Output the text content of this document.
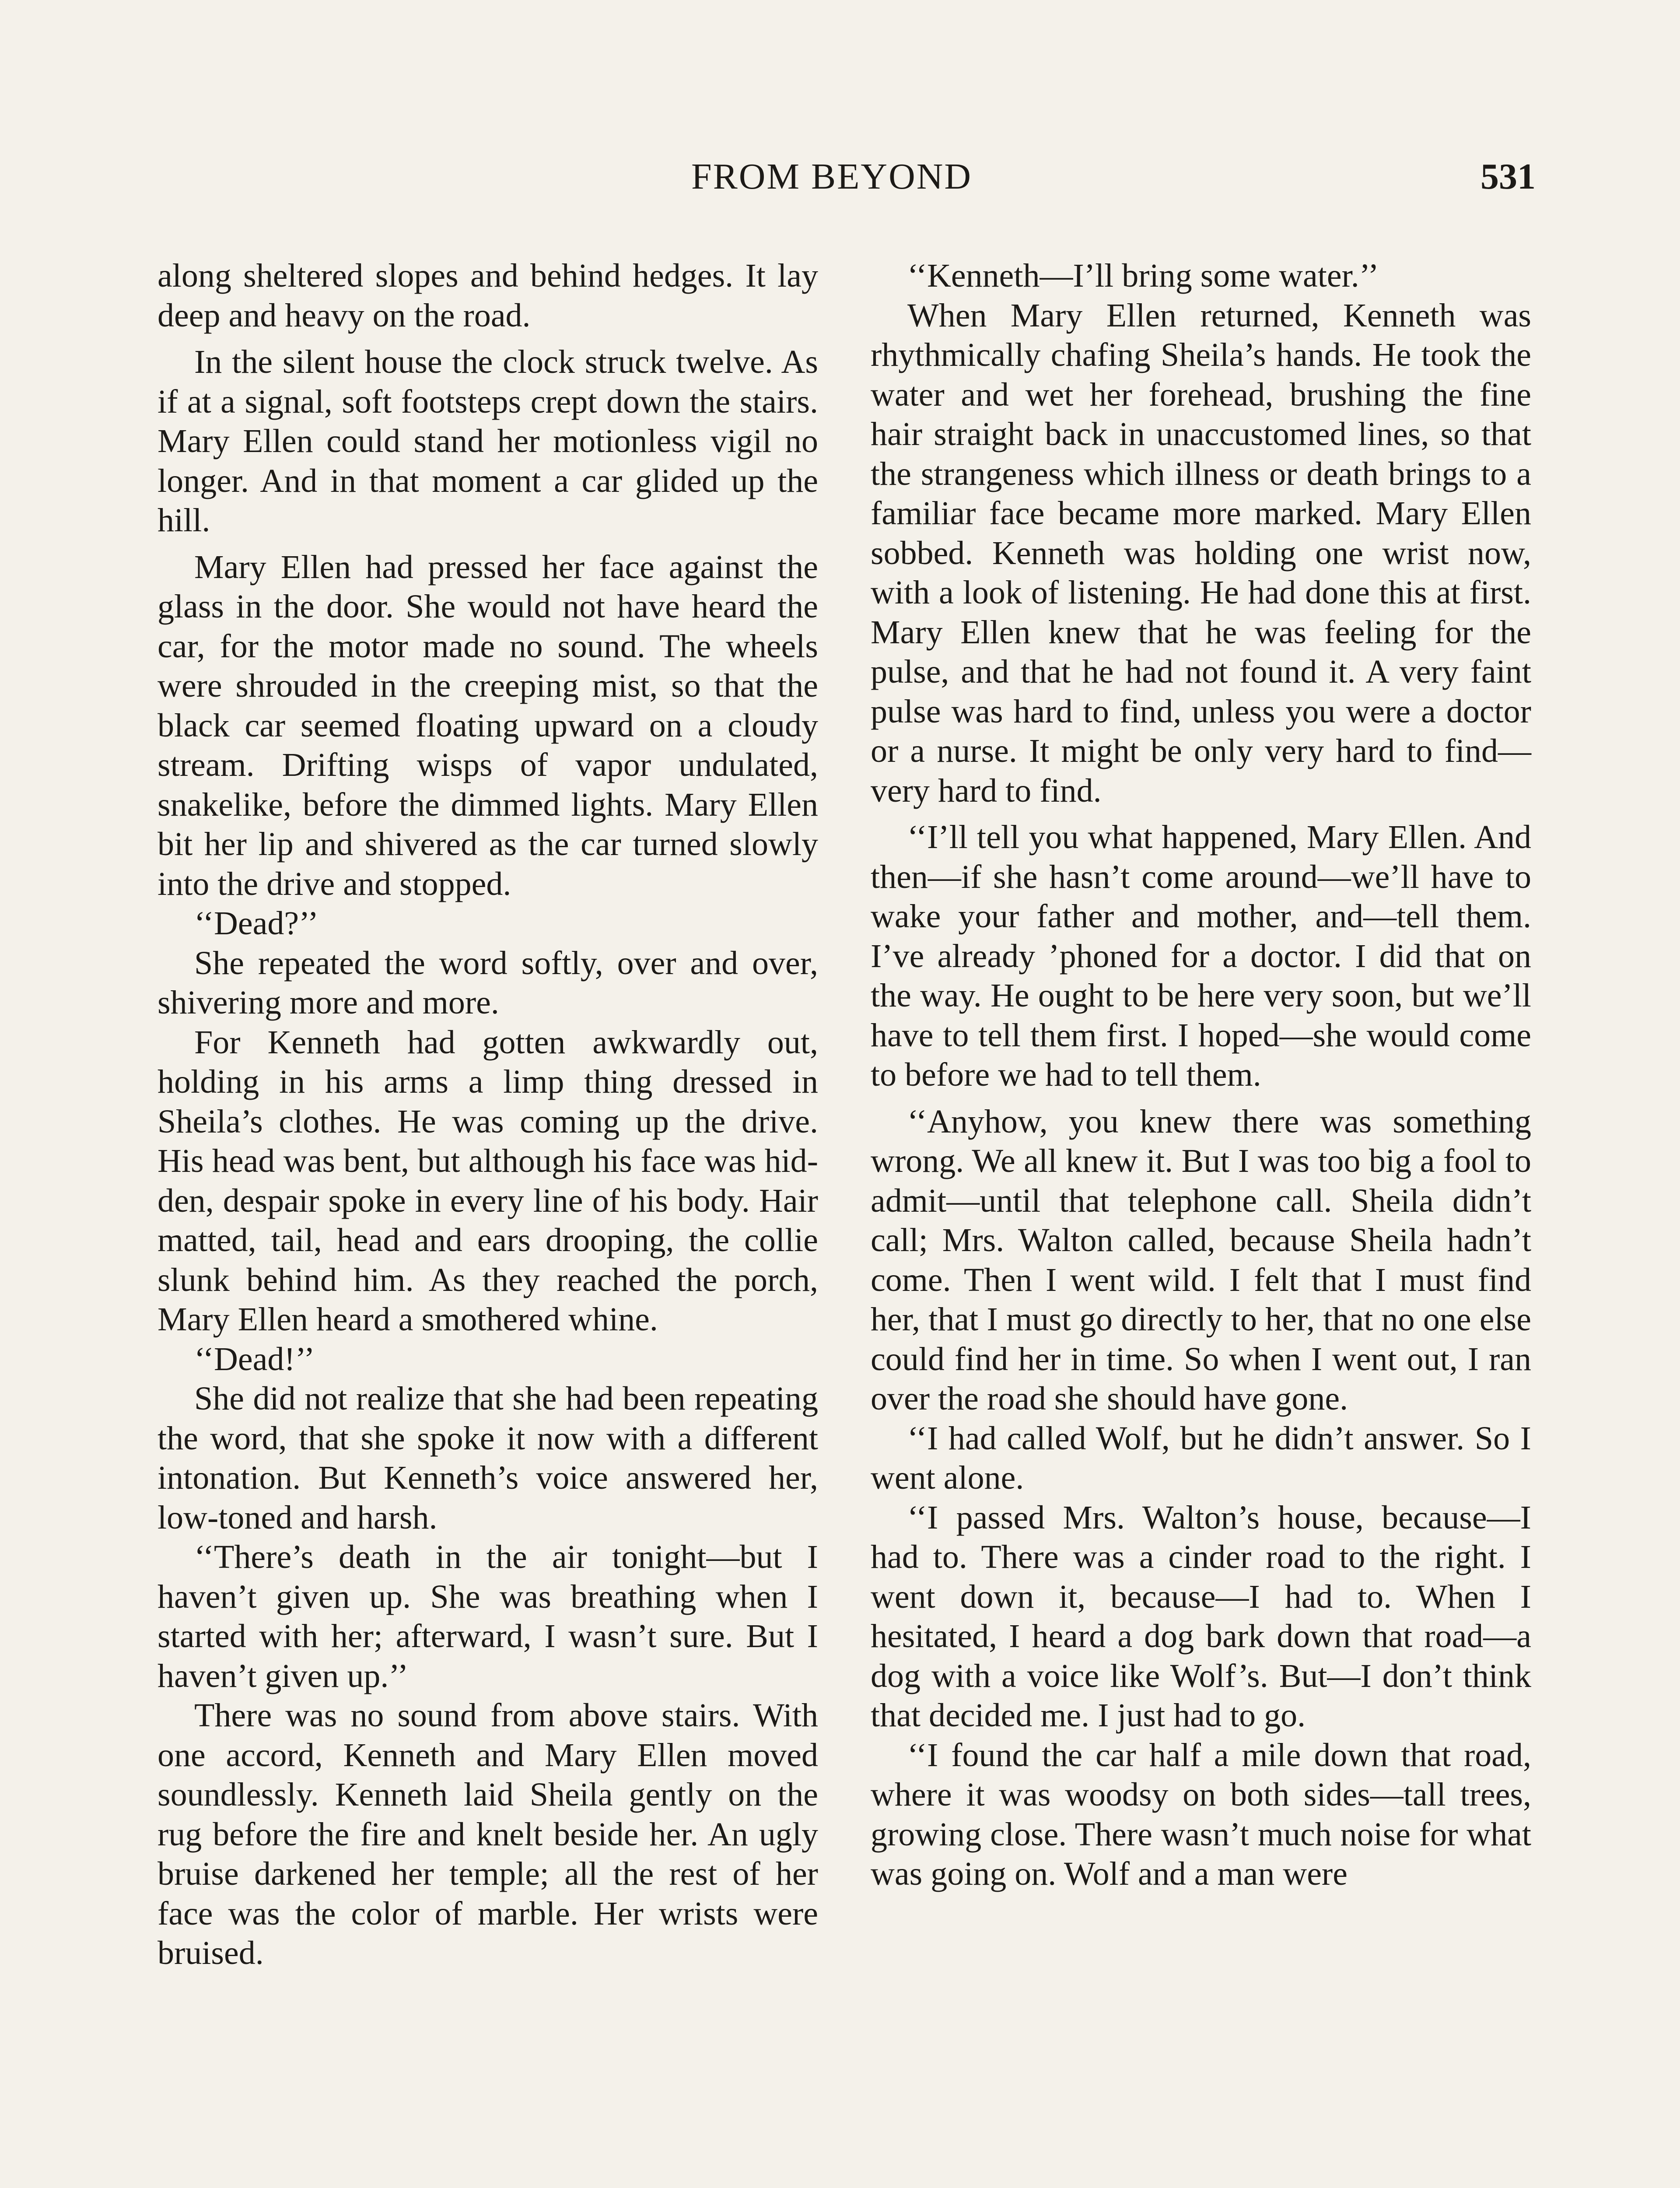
FROM BEYOND	531

along sheltered slopes and behind hedges. It lay deep and heavy on the road.

In the silent house the clock struck twelve. As if at a signal, soft footsteps crept down the stairs. Mary Ellen could stand her motionless vigil no longer. And in that moment a car glided up the hill.

Mary Ellen had pressed her face against the glass in the door. She would not have heard the car, for the motor made no sound. The wheels were shrouded in the creeping mist, so that the black car seemed floating upward on a cloudy stream. Drifting wisps of vapor undulated, snakelike, before the dimmed lights. Mary Ellen bit her lip and shivered as the car turned slowly into the drive and stopped.

‘‘Dead?’’

She repeated the word softly, over and over, shivering more and more.

For Kenneth had gotten awkwardly out, holding in his arms a limp thing dressed in Sheila’s clothes. He was coming up the drive. His head was bent, but although his face was hidden, despair spoke in every line of his body. Hair matted, tail, head and ears drooping, the collie slunk behind him. As they reached the porch, Mary Ellen heard a smothered whine.

‘‘Dead!’’

She did not realize that she had been repeating the word, that she spoke it now with a different intonation. But Kenneth’s voice answered her, low-toned and harsh.

‘‘There’s death in the air tonight—but I haven’t given up. She was breathing when I started with her; afterward, I wasn’t sure. But I haven’t given up.’’

There was no sound from above stairs. With one accord, Kenneth and Mary Ellen moved soundlessly. Kenneth laid Sheila gently on the rug before the fire and knelt beside her. An ugly bruise darkened her temple; all the rest of her face was the color of marble. Her wrists were bruised.

‘‘Kenneth—I’ll bring some water.’’

When Mary Ellen returned, Kenneth was rhythmically chafing Sheila’s hands. He took the water and wet her forehead, brushing the fine hair straight back in unaccustomed lines, so that the strangeness which illness or death brings to a familiar face became more marked. Mary Ellen sobbed. Kenneth was holding one wrist now, with a look of listening. He had done this at first. Mary Ellen knew that he was feeling for the pulse, and that he had not found it. A very faint pulse was hard to find, unless you were a doctor or a nurse. It might be only very hard to find—very hard to find.

‘‘I’ll tell you what happened, Mary Ellen. And then—if she hasn’t come around—we’ll have to wake your father and mother, and—tell them. I’ve already ’phoned for a doctor. I did that on the way. He ought to be here very soon, but we’ll have to tell them first. I hoped—she would come to before we had to tell them.

‘‘Anyhow, you knew there was something wrong. We all knew it. But I was too big a fool to admit—until that telephone call. Sheila didn’t call; Mrs. Walton called, because Sheila hadn’t come. Then I went wild. I felt that I must find her, that I must go directly to her, that no one else could find her in time. So when I went out, I ran over the road she should have gone.

‘‘I had called Wolf, but he didn’t answer. So I went alone.

‘‘I passed Mrs. Walton’s house, because—I had to. There was a cinder road to the right. I went down it, because—I had to. When I hesitated, I heard a dog bark down that road—a dog with a voice like Wolf’s. But—I don’t think that decided me. I just had to go.

‘‘I found the car half a mile down that road, where it was woodsy on both sides—tall trees, growing close. There wasn’t much noise for what was going on. Wolf and a man were
